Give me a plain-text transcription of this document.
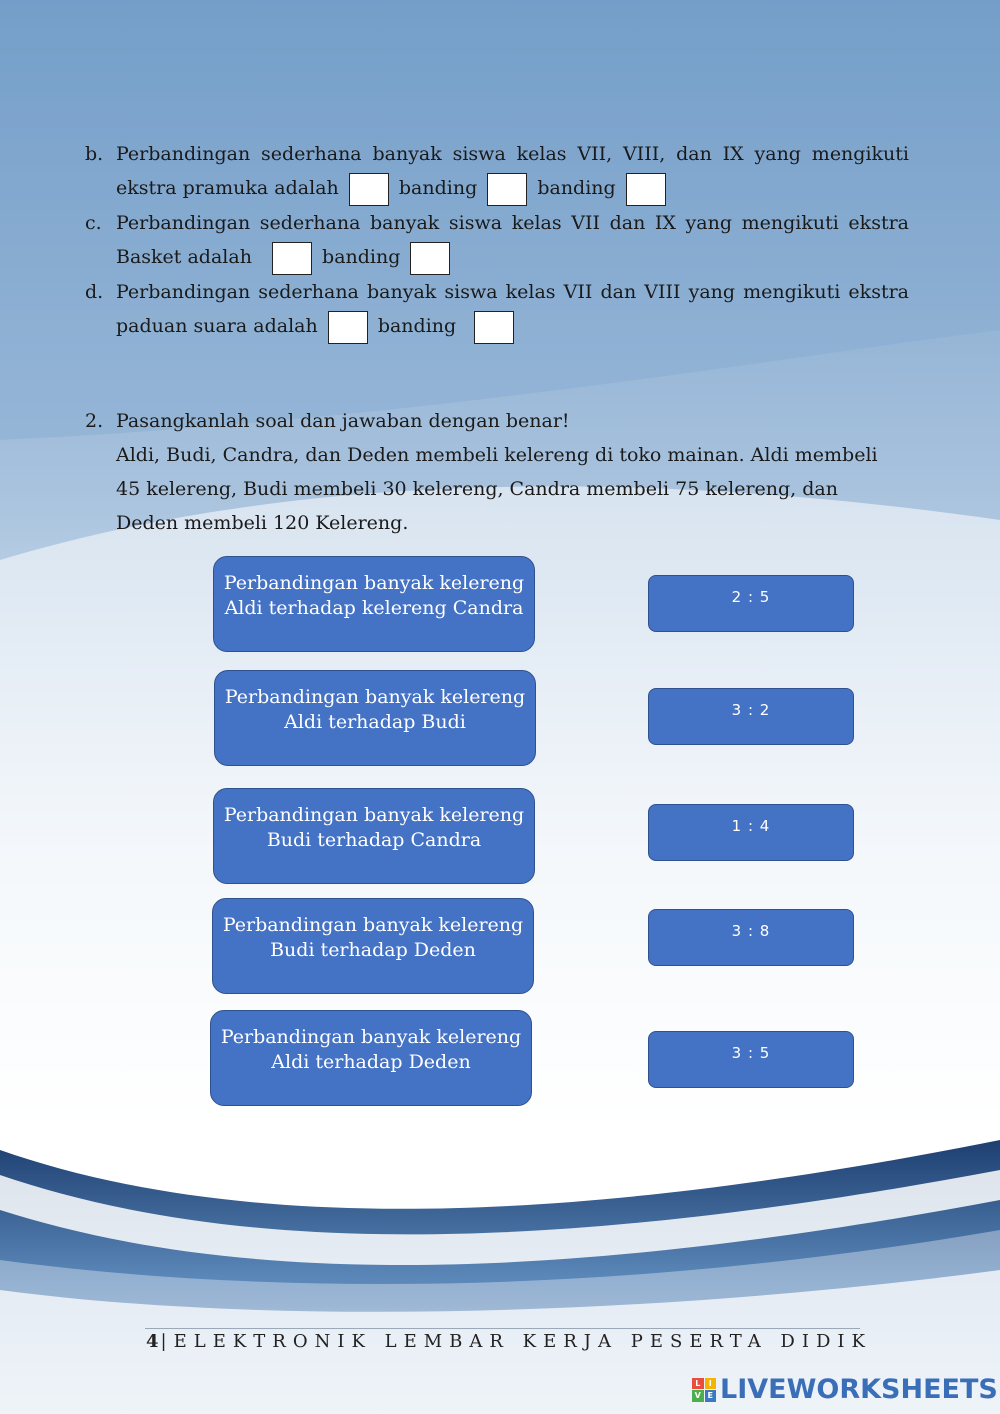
b. Perbandingan sederhana banyak siswa kelas VII, VIII, dan IX yang mengikuti ekstra pramuka adalah	banding	banding
c. Perbandingan sederhana banyak siswa kelas VII dan IX yang mengikuti ekstra Basket adalah	banding
d. Perbandingan sederhana banyak siswa kelas VII dan VIII yang mengikuti ekstra paduan suara adalah	banding
2. Pasangkanlah soal dan jawaban dengan benar!
Aldi, Budi, Candra, dan Deden membeli kelereng di toko mainan. Aldi membeli 45 kelereng, Budi membeli 30 kelereng, Candra membeli 75 kelereng, dan Deden membeli 120 Kelereng.
Perbandingan banyak kelereng
Aldi terhadap kelereng Candra
Perbandingan banyak kelereng
Aldi terhadap Budi
Perbandingan banyak kelereng
Budi terhadap Candra
Perbandingan banyak kelereng
Budi terhadap Deden
Perbandingan banyak kelereng
Aldi terhadap Deden
2 : 5
3 : 2
1 : 4
3 : 8
3 : 5
4|ELEKTRONIK LEMBAR KERJA PESERTA DIDIK
L	I
V E LIVEWORKSHEETS
